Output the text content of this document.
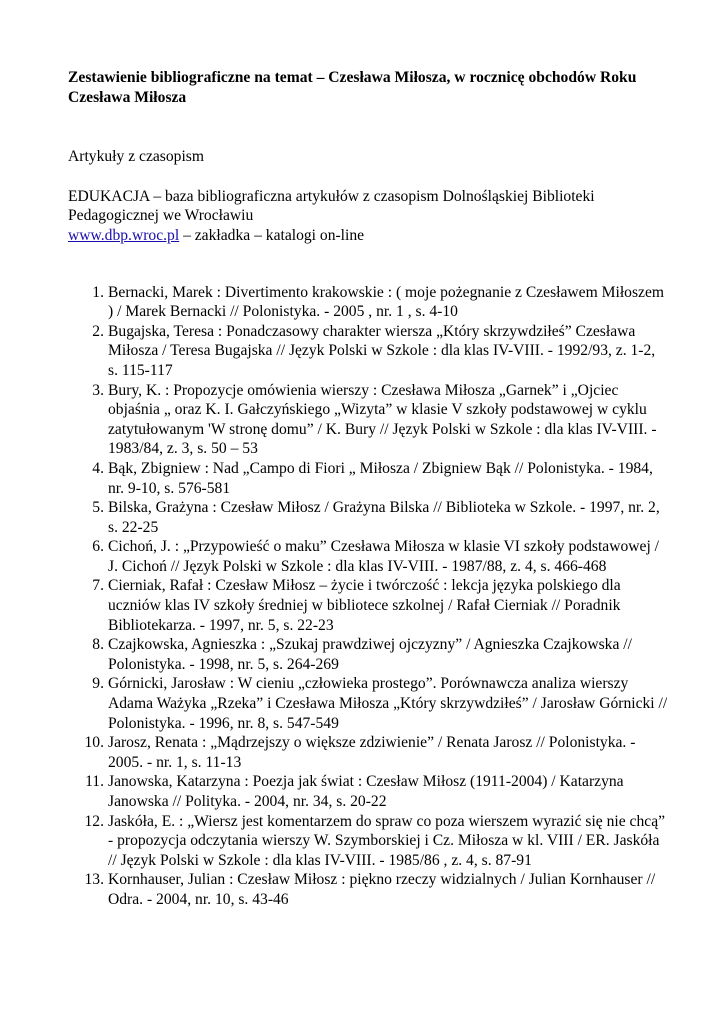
Zestawienie bibliograficzne na temat – Czesława Miłosza, w rocznicę obchodów Roku Czesława Miłosza

Artykuły z czasopism

EDUKACJA – baza bibliograficzna artykułów z czasopism Dolnośląskiej Biblioteki Pedagogicznej we Wrocławiu
www.dbp.wroc.pl – zakładka – katalogi on-line

1. Bernacki, Marek : Divertimento krakowskie : ( moje pożegnanie z Czesławem Miłoszem ) / Marek Bernacki // Polonistyka. - 2005 , nr. 1 , s. 4-10
2. Bugajska, Teresa : Ponadczasowy charakter wiersza „Który skrzywdziłeś” Czesława Miłosza / Teresa Bugajska // Język Polski w Szkole : dla klas IV-VIII. - 1992/93, z. 1-2, s. 115-117
3. Bury, K. : Propozycje omówienia wierszy : Czesława Miłosza „Garnek” i „Ojciec objaśnia „ oraz K. I. Gałczyńskiego „Wizyta” w klasie V szkoły podstawowej w cyklu zatytułowanym 'W stronę domu” / K. Bury // Język Polski w Szkole : dla klas IV-VIII. - 1983/84, z. 3, s. 50 – 53
4. Bąk, Zbigniew : Nad „Campo di Fiori „ Miłosza / Zbigniew Bąk // Polonistyka. - 1984, nr. 9-10, s. 576-581
5. Bilska, Grażyna : Czesław Miłosz / Grażyna Bilska // Biblioteka w Szkole. - 1997, nr. 2, s. 22-25
6. Cichoń, J. : „Przypowieść o maku” Czesława Miłosza w klasie VI szkoły podstawowej / J. Cichoń // Język Polski w Szkole : dla klas IV-VIII. - 1987/88, z. 4, s. 466-468
7. Cierniak, Rafał : Czesław Miłosz – życie i twórczość : lekcja języka polskiego dla uczniów klas IV szkoły średniej w bibliotece szkolnej / Rafał Cierniak // Poradnik Bibliotekarza. - 1997, nr. 5, s. 22-23
8. Czajkowska, Agnieszka : „Szukaj prawdziwej ojczyzny” / Agnieszka Czajkowska // Polonistyka. - 1998, nr. 5, s. 264-269
9. Górnicki, Jarosław : W cieniu „człowieka prostego”. Porównawcza analiza wierszy Adama Ważyka „Rzeka” i Czesława Miłosza „Który skrzywdziłeś” / Jarosław Górnicki // Polonistyka. - 1996, nr. 8, s. 547-549
10. Jarosz, Renata : „Mądrzejszy o większe zdziwienie” / Renata Jarosz // Polonistyka. - 2005. - nr. 1, s. 11-13
11. Janowska, Katarzyna : Poezja jak świat : Czesław Miłosz (1911-2004) / Katarzyna Janowska // Polityka. - 2004, nr. 34, s. 20-22
12. Jaskóła, E. : „Wiersz jest komentarzem do spraw co poza wierszem wyrazić się nie chcą” - propozycja odczytania wierszy W. Szymborskiej i Cz. Miłosza w kl. VIII / ER. Jaskóła // Język Polski w Szkole : dla klas IV-VIII. - 1985/86 , z. 4, s. 87-91
13. Kornhauser, Julian : Czesław Miłosz : piękno rzeczy widzialnych / Julian Kornhauser // Odra. - 2004, nr. 10, s. 43-46
